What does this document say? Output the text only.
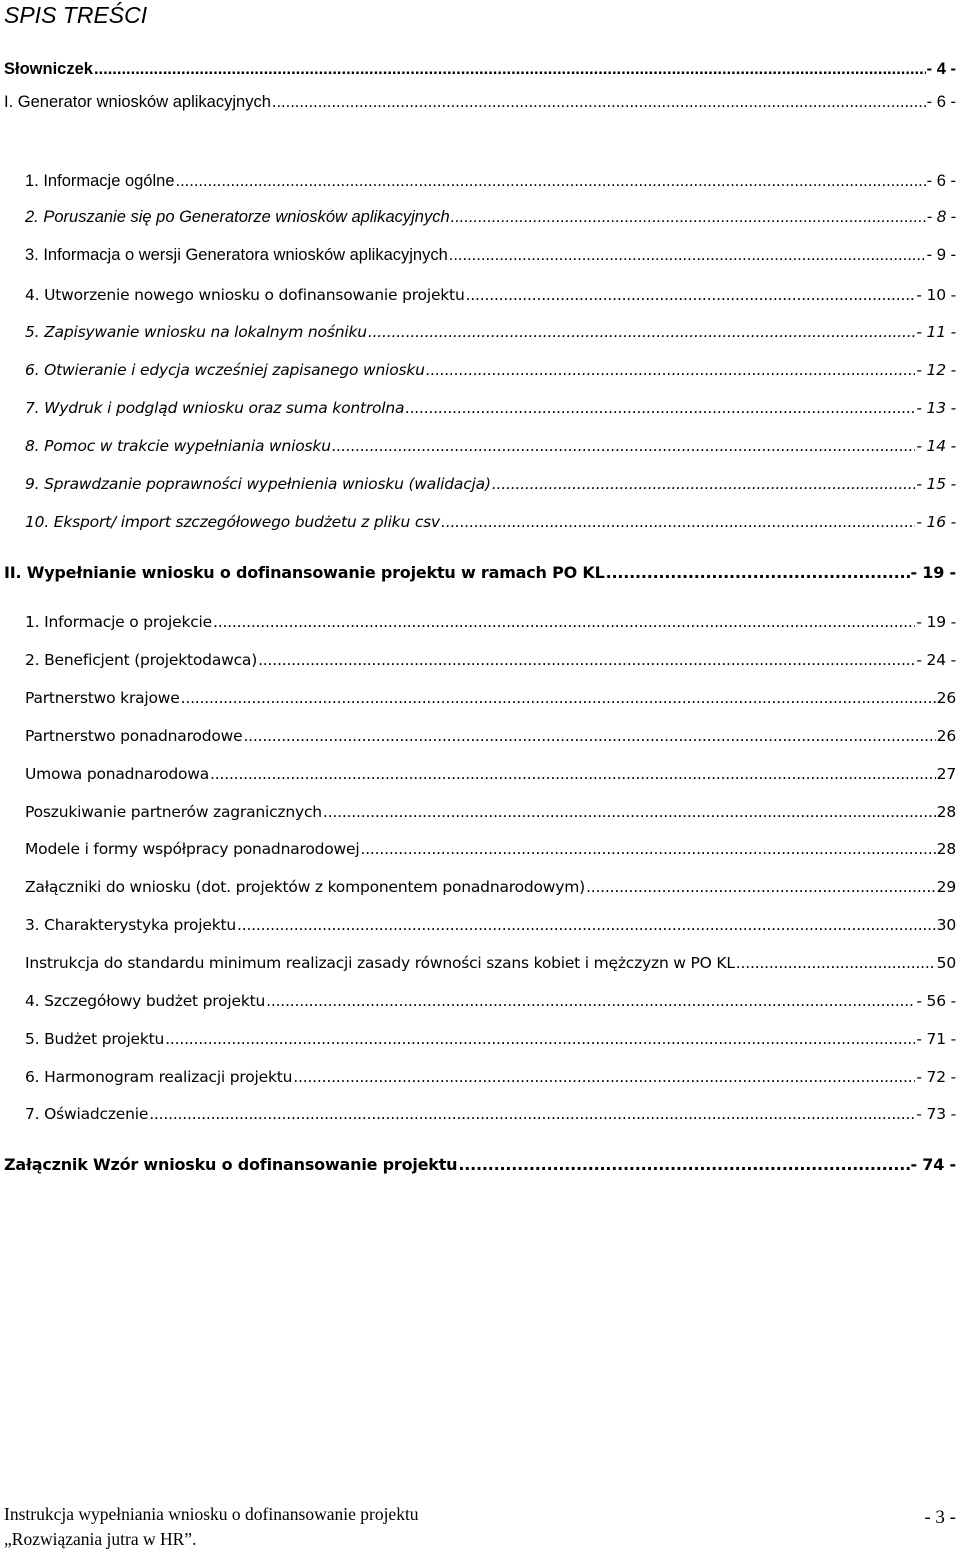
SPIS TREŚCI
Słowniczek .....	- 4 -
I. Generator wniosków aplikacyjnych .....	- 6 -
1. Informacje ogólne .....	- 6 -
2. Poruszanie się po Generatorze wniosków aplikacyjnych .....	- 8 -
3. Informacja o wersji Generatora wniosków aplikacyjnych .....	- 9 -
4. Utworzenie nowego wniosku o dofinansowanie projektu .....	- 10 -
5. Zapisywanie wniosku na lokalnym nośniku .....	- 11 -
6. Otwieranie i edycja wcześniej zapisanego wniosku .....	- 12 -
7. Wydruk i podgląd wniosku oraz suma kontrolna .....	- 13 -
8. Pomoc w trakcie wypełniania wniosku .....	- 14 -
9. Sprawdzanie poprawności wypełnienia wniosku (walidacja) .....	- 15 -
10. Eksport/ import szczegółowego budżetu z pliku csv .....	- 16 -
II. Wypełnianie wniosku o dofinansowanie projektu w ramach PO KL .....	- 19 -
1. Informacje o projekcie .....	- 19 -
2. Beneficjent (projektodawca) .....	- 24 -
Partnerstwo krajowe .....	26
Partnerstwo ponadnarodowe .....	26
Umowa ponadnarodowa .....	27
Poszukiwanie partnerów zagranicznych .....	28
Modele i formy współpracy ponadnarodowej .....	28
Załączniki do wniosku (dot. projektów z komponentem ponadnarodowym) .....	29
3. Charakterystyka projektu .....	30
Instrukcja do standardu minimum realizacji zasady równości szans kobiet i mężczyzn w PO KL .....	50
4. Szczegółowy budżet projektu .....	- 56 -
5. Budżet projektu .....	- 71 -
6. Harmonogram realizacji projektu .....	- 72 -
7. Oświadczenie .....	- 73 -
Załącznik Wzór wniosku o dofinansowanie projektu .....	- 74 -
Instrukcja wypełniania wniosku o dofinansowanie projektu
„Rozwiązania jutra w HR”.
- 3 -
